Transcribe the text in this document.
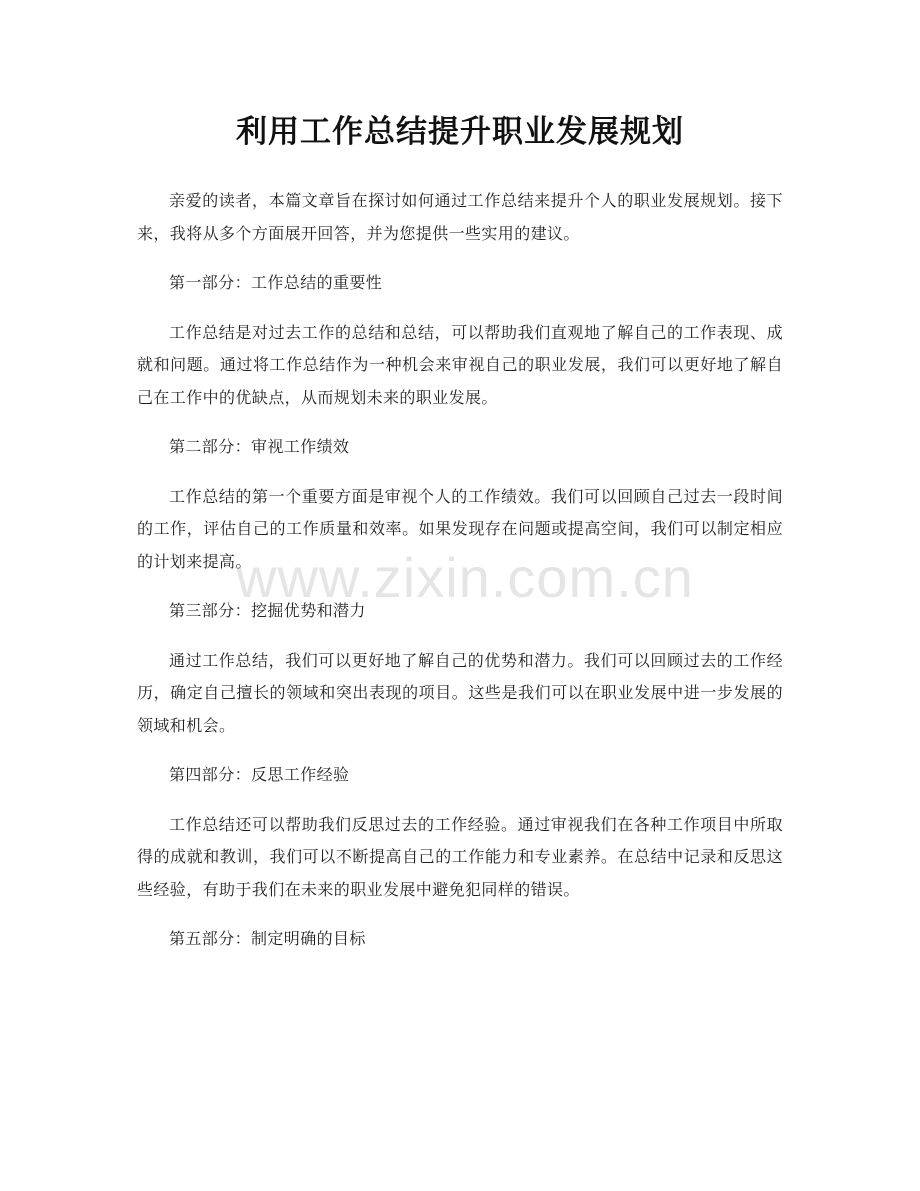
利用工作总结提升职业发展规划

亲爱的读者，本篇文章旨在探讨如何通过工作总结来提升个人的职业发展规划。接下来，我将从多个方面展开回答，并为您提供一些实用的建议。

第一部分：工作总结的重要性

工作总结是对过去工作的总结和总结，可以帮助我们直观地了解自己的工作表现、成就和问题。通过将工作总结作为一种机会来审视自己的职业发展，我们可以更好地了解自己在工作中的优缺点，从而规划未来的职业发展。

第二部分：审视工作绩效

工作总结的第一个重要方面是审视个人的工作绩效。我们可以回顾自己过去一段时间的工作，评估自己的工作质量和效率。如果发现存在问题或提高空间，我们可以制定相应的计划来提高。

第三部分：挖掘优势和潜力

通过工作总结，我们可以更好地了解自己的优势和潜力。我们可以回顾过去的工作经历，确定自己擅长的领域和突出表现的项目。这些是我们可以在职业发展中进一步发展的领域和机会。

第四部分：反思工作经验

工作总结还可以帮助我们反思过去的工作经验。通过审视我们在各种工作项目中所取得的成就和教训，我们可以不断提高自己的工作能力和专业素养。在总结中记录和反思这些经验，有助于我们在未来的职业发展中避免犯同样的错误。

第五部分：制定明确的目标

www.zixin.com.cn
